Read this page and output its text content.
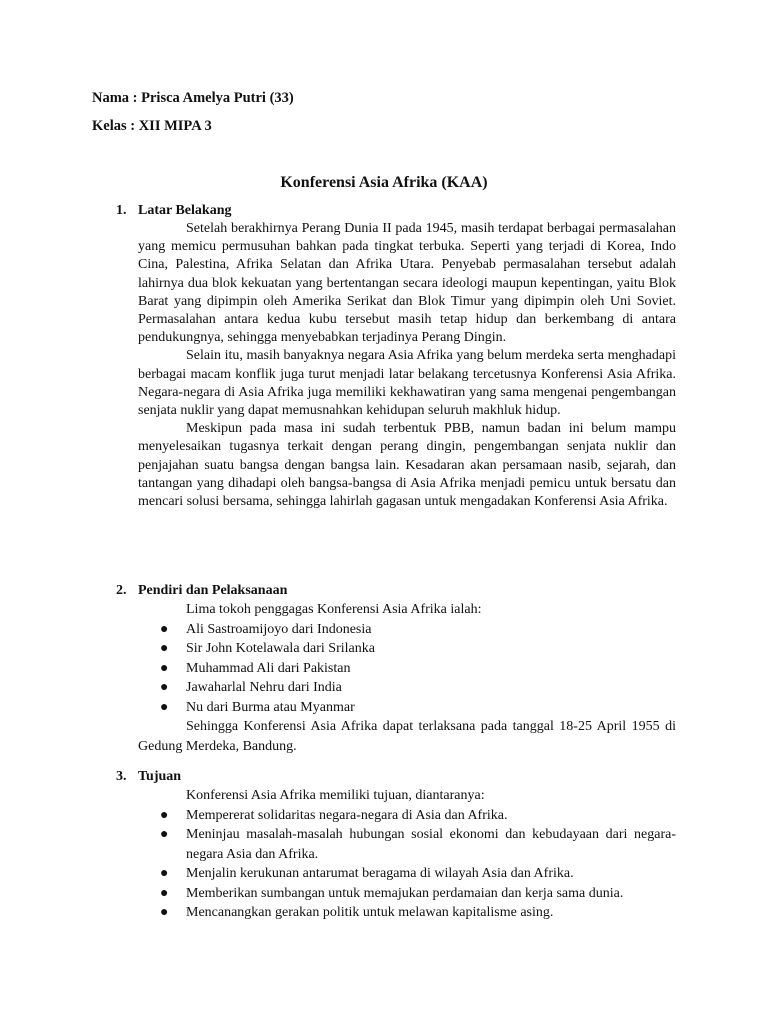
Nama : Prisca Amelya Putri (33)
Kelas : XII MIPA 3
Konferensi Asia Afrika (KAA)
1. Latar Belakang

Setelah berakhirnya Perang Dunia II pada 1945, masih terdapat berbagai permasalahan yang memicu permusuhan bahkan pada tingkat terbuka. Seperti yang terjadi di Korea, Indo Cina, Palestina, Afrika Selatan dan Afrika Utara. Penyebab permasalahan tersebut adalah lahirnya dua blok kekuatan yang bertentangan secara ideologi maupun kepentingan, yaitu Blok Barat yang dipimpin oleh Amerika Serikat dan Blok Timur yang dipimpin oleh Uni Soviet. Permasalahan antara kedua kubu tersebut masih tetap hidup dan berkembang di antara pendukungnya, sehingga menyebabkan terjadinya Perang Dingin.

Selain itu, masih banyaknya negara Asia Afrika yang belum merdeka serta menghadapi berbagai macam konflik juga turut menjadi latar belakang tercetusnya Konferensi Asia Afrika. Negara-negara di Asia Afrika juga memiliki kekhawatiran yang sama mengenai pengembangan senjata nuklir yang dapat memusnahkan kehidupan seluruh makhluk hidup.

Meskipun pada masa ini sudah terbentuk PBB, namun badan ini belum mampu menyelesaikan tugasnya terkait dengan perang dingin, pengembangan senjata nuklir dan penjajahan suatu bangsa dengan bangsa lain. Kesadaran akan persamaan nasib, sejarah, dan tantangan yang dihadapi oleh bangsa-bangsa di Asia Afrika menjadi pemicu untuk bersatu dan mencari solusi bersama, sehingga lahirlah gagasan untuk mengadakan Konferensi Asia Afrika.

2. Pendiri dan Pelaksanaan

Lima tokoh penggagas Konferensi Asia Afrika ialah:

● Ali Sastroamijoyo dari Indonesia
● Sir John Kotelawala dari Srilanka
● Muhammad Ali dari Pakistan
● Jawaharlal Nehru dari India
● Nu dari Burma atau Myanmar

Sehingga Konferensi Asia Afrika dapat terlaksana pada tanggal 18-25 April 1955 di Gedung Merdeka, Bandung.

3. Tujuan

Konferensi Asia Afrika memiliki tujuan, diantaranya:

● Mempererat solidaritas negara-negara di Asia dan Afrika.
● Meninjau masalah-masalah hubungan sosial ekonomi dan kebudayaan dari negara-negara Asia dan Afrika.
● Menjalin kerukunan antarumat beragama di wilayah Asia dan Afrika.
● Memberikan sumbangan untuk memajukan perdamaian dan kerja sama dunia.
● Mencanangkan gerakan politik untuk melawan kapitalisme asing.
